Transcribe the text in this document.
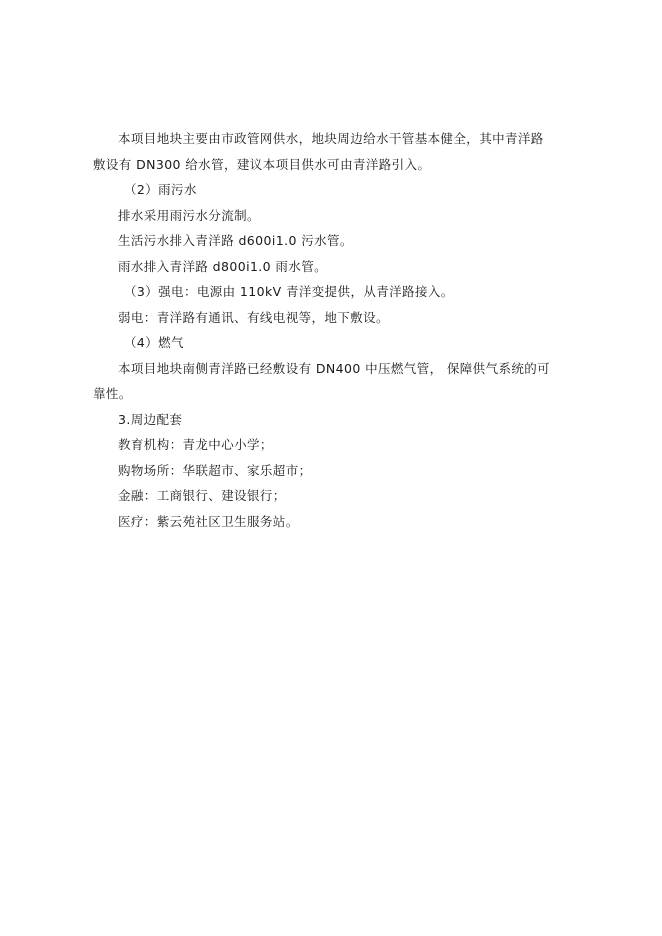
本项目地块主要由市政管网供水，地块周边给水干管基本健全，其中青洋路

敷设有 DN300 给水管，建议本项目供水可由青洋路引入。

（2）雨污水

排水采用雨污水分流制。

生活污水排入青洋路 d600i1.0 污水管。

雨水排入青洋路 d800i1.0 雨水管。

（3）强电：电源由 110kV 青洋变提供，从青洋路接入。

弱电：青洋路有通讯、有线电视等，地下敷设。

（4）燃气

本项目地块南侧青洋路已经敷设有 DN400 中压燃气管， 保障供气系统的可

靠性。

3.周边配套

教育机构：青龙中心小学；

购物场所：华联超市、家乐超市；

金融：工商银行、建设银行；

医疗：紫云苑社区卫生服务站。
